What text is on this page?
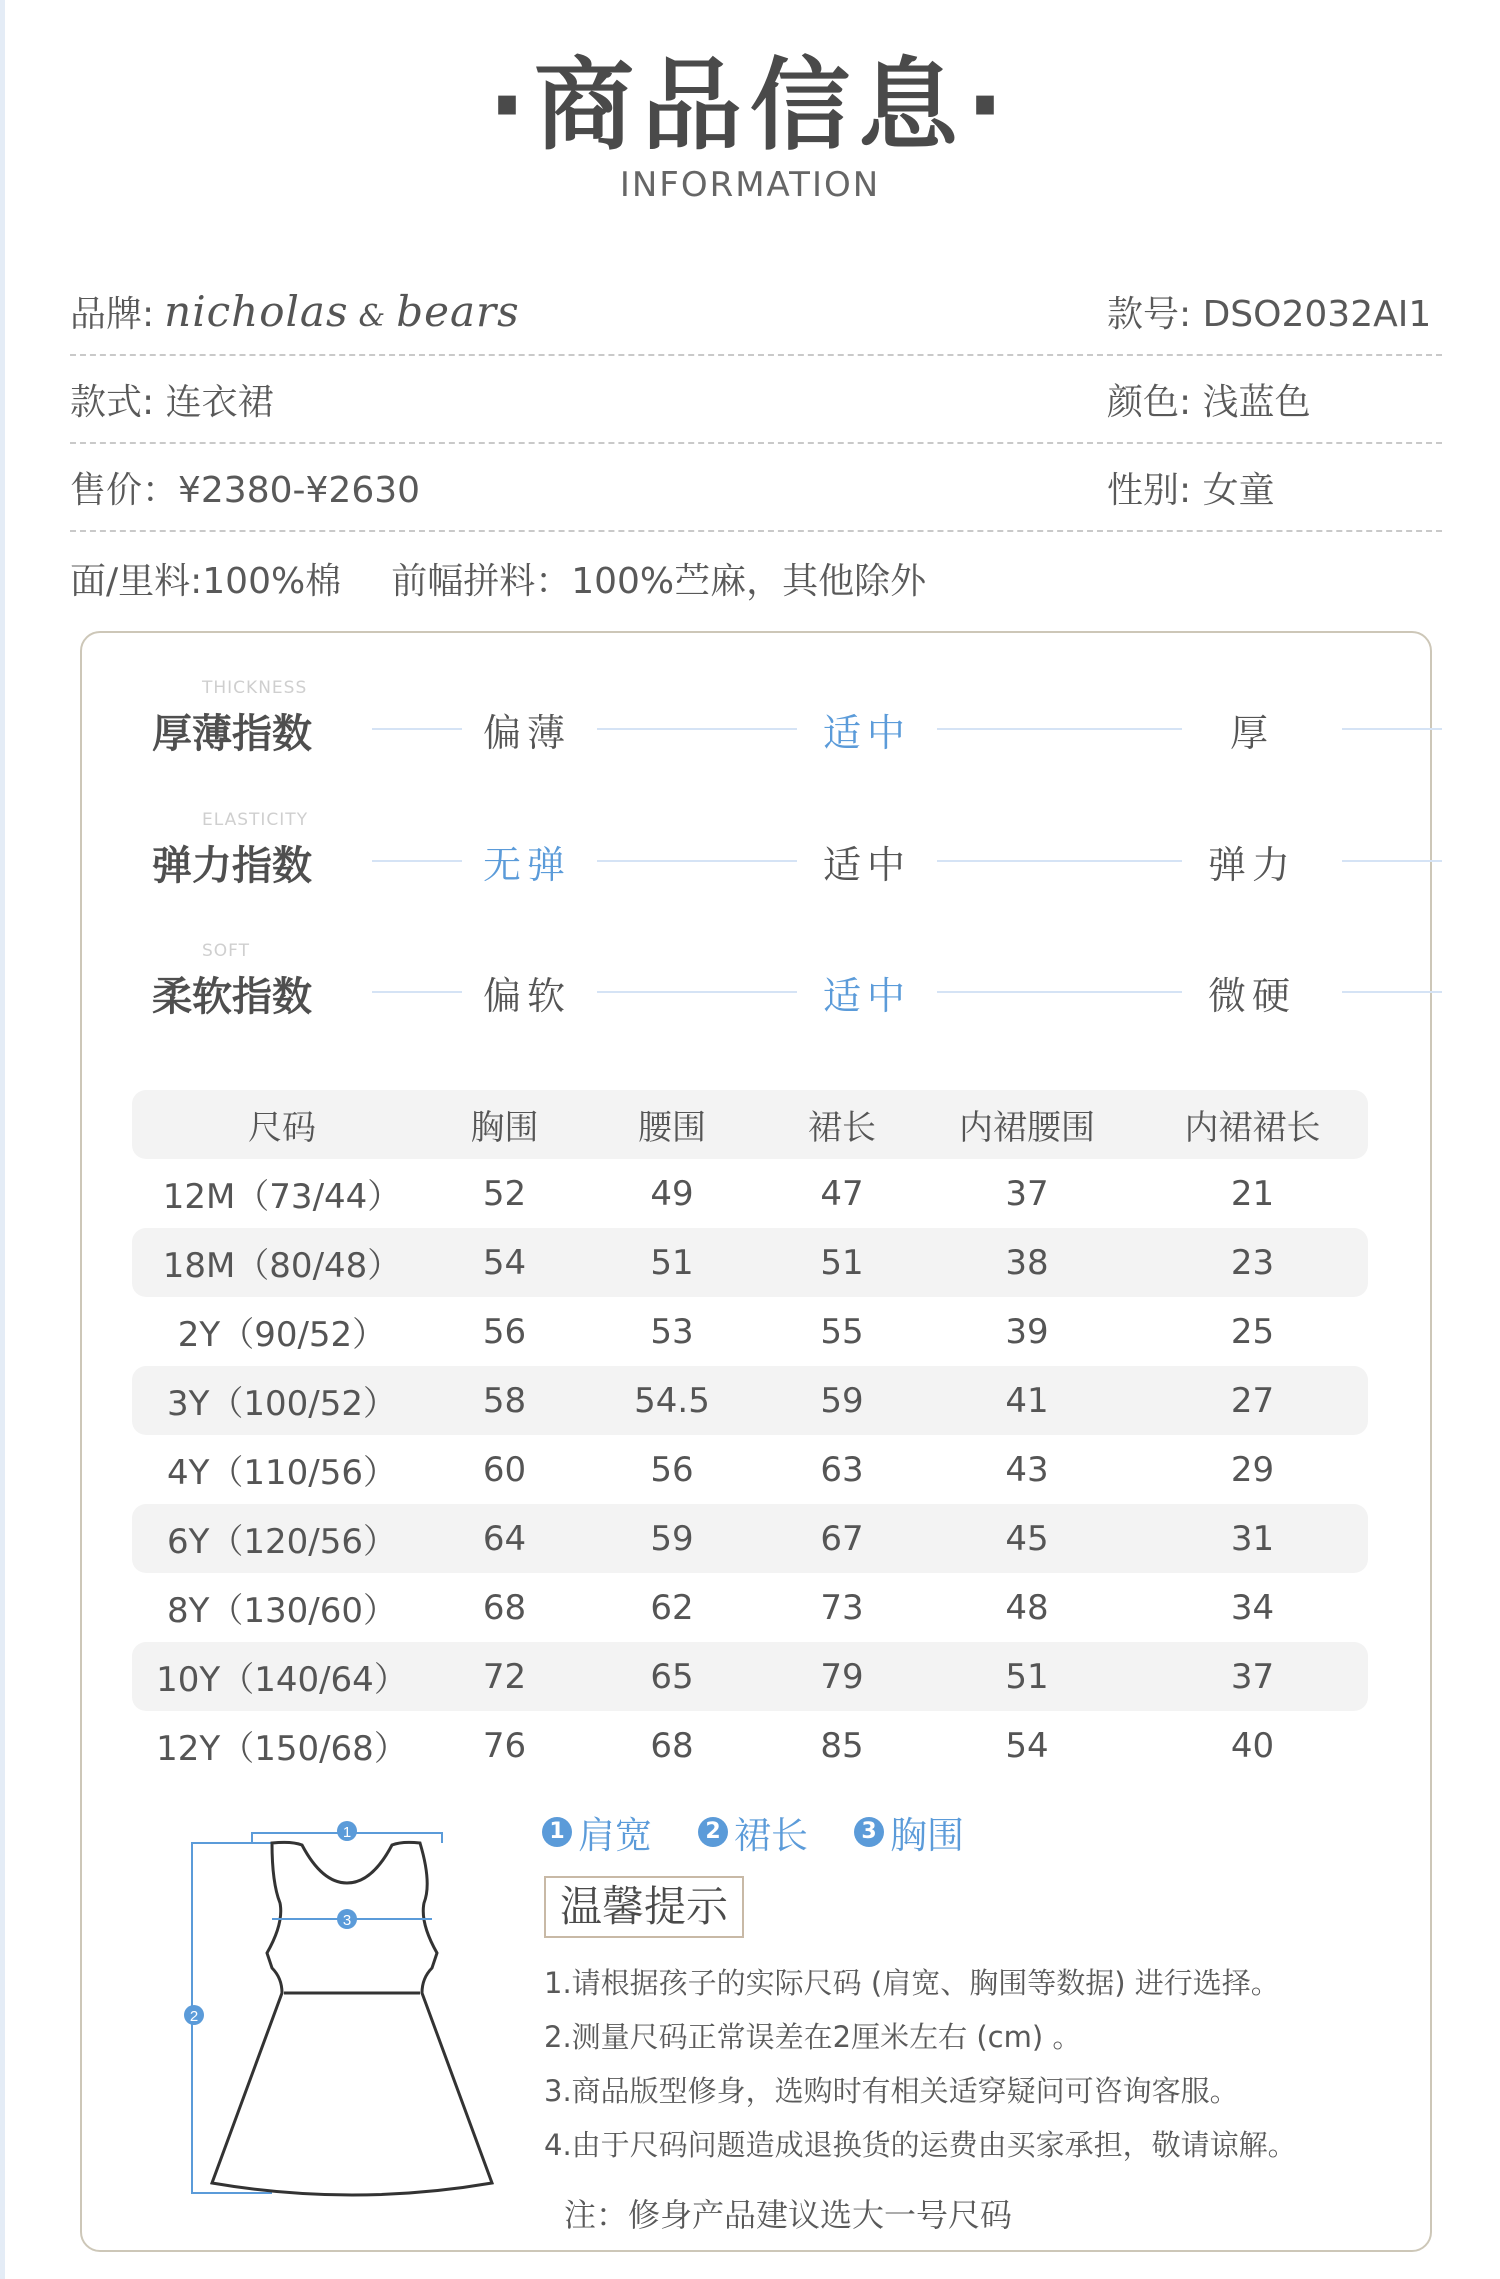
·商品信息·
INFORMATION
品牌: nicholas & bears	款号: DSO2032AI1
款式: 连衣裙	颜色: 浅蓝色
售价：¥2380-¥2630	性别: 女童
面/里料:100%棉 前幅拼料：100%苎麻，其他除外
THICKNESS
厚薄指数	偏薄	适中	厚
ELASTICITY
弹力指数	无弹	适中	弹力
SOFT
柔软指数	偏软	适中	微硬
尺码	胸围	腰围	裙长	内裙腰围	内裙裙长
12M（73/44）	52	49	47	37	21
18M（80/48）	54	51	51	38	23
2Y（90/52）	56	53	55	39	25
3Y（100/52）	58	54.5	59	41	27
4Y（110/56）	60	56	63	43	29
6Y（120/56）	64	59	67	45	31
8Y（130/60）	68	62	73	48	34
10Y（140/64）	72	65	79	51	37
12Y（150/68）	76	68	85	54	40
1
2
3
1 肩宽	2 裙长	3 胸围
温馨提示
1.请根据孩子的实际尺码 (肩宽、胸围等数据) 进行选择。
2.测量尺码正常误差在2厘米左右 (cm) 。
3.商品版型修身，选购时有相关适穿疑问可咨询客服。
4.由于尺码问题造成退换货的运费由买家承担，敬请谅解。
注：修身产品建议选大一号尺码
